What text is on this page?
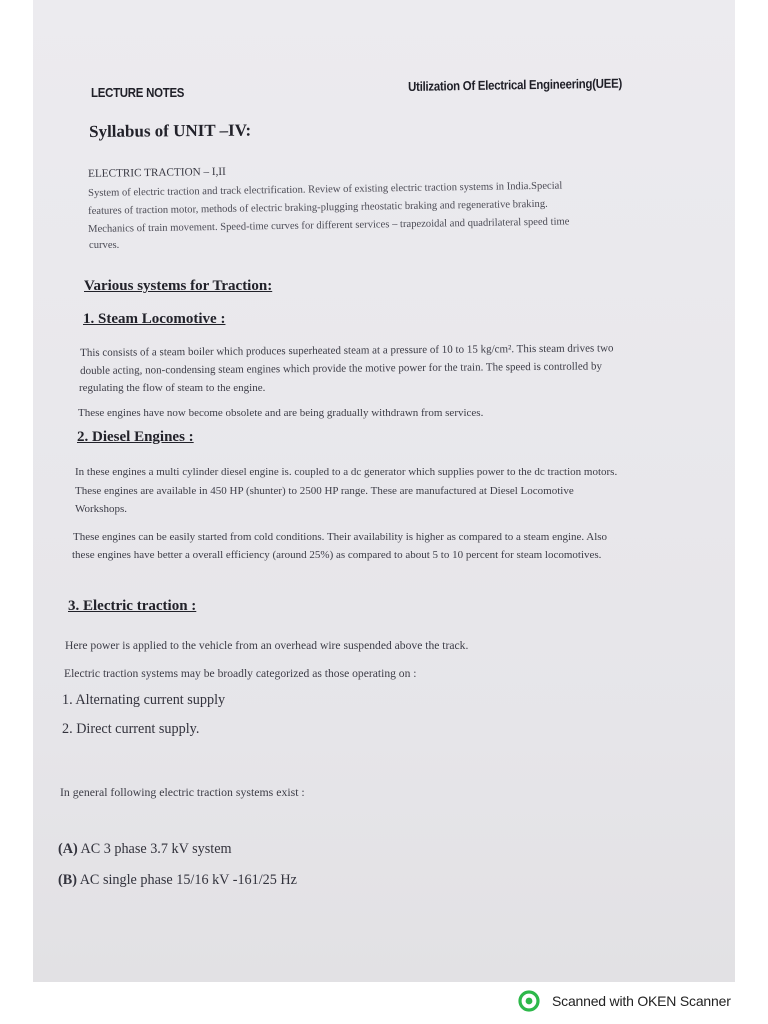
LECTURE NOTES	Utilization Of Electrical Engineering(UEE)
Syllabus of UNIT –IV:
ELECTRIC TRACTION – I,II
System of electric traction and track electrification. Review of existing electric traction systems in India.Special
features of traction motor, methods of electric braking-plugging rheostatic braking and regenerative braking.
Mechanics of train movement. Speed-time curves for different services – trapezoidal and quadrilateral speed time
curves.
Various systems for Traction:
1. Steam Locomotive :
This consists of a steam boiler which produces superheated steam at a pressure of 10 to 15 kg/cm². This steam drives two
double acting, non-condensing steam engines which provide the motive power for the train. The speed is controlled by
regulating the flow of steam to the engine.
These engines have now become obsolete and are being gradually withdrawn from services.
2. Diesel Engines :
In these engines a multi cylinder diesel engine is. coupled to a dc generator which supplies power to the dc traction motors.
These engines are available in 450 HP (shunter) to 2500 HP range. These are manufactured at Diesel Locomotive
Workshops.
These engines can be easily started from cold conditions. Their availability is higher as compared to a steam engine. Also
these engines have better a overall efficiency (around 25%) as compared to about 5 to 10 percent for steam locomotives.
3. Electric traction :
Here power is applied to the vehicle from an overhead wire suspended above the track.
Electric traction systems may be broadly categorized as those operating on :
1. Alternating current supply
2. Direct current supply.
In general following electric traction systems exist :
(A) AC 3 phase 3.7 kV system
(B) AC single phase 15/16 kV -161/25 Hz
Scanned with OKEN Scanner
